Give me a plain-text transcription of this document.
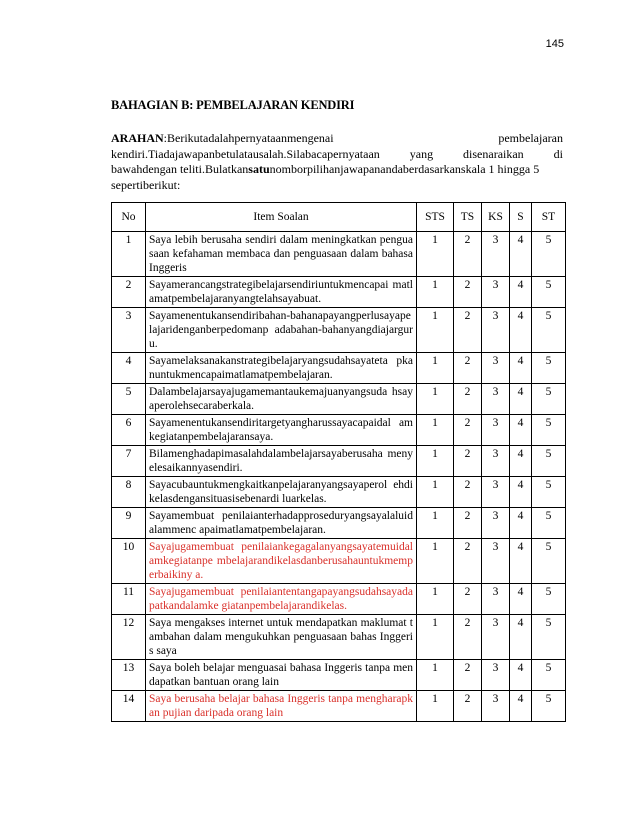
145
BAHAGIAN B: PEMBELAJARAN KENDIRI
ARAHAN:Berikutadalahpernyataanmengenai	pembelajaran
kendiri.Tiadajawapanbetulatausalah.Silabacapernyataan yang disenaraikan di
bawahdengan teliti.Bulatkansatunomborpilihanjawapanandaberdasarkanskala 1 hingga 5
sepertiberikut:
No	Item Soalan	STS	TS	KS	S	ST
1	Saya lebih berusaha sendiri dalam meningkatkan penguasaan kefahaman membaca dan penguasaan dalam bahasa Inggeris	1	2	3	4	5
2	Sayamerancangstrategibelajarsendiriuntukmencapai matlamatpembelajaranyangtelahsayabuat.	1	2	3	4	5
3	Sayamenentukansendiribahan-bahanapayangperlusayapelajaridenganberpedomanp adabahan-bahanyangdiajarguru.	1	2	3	4	5
4	Sayamelaksanakanstrategibelajaryangsudahsayateta pkanuntukmencapaimatlamatpembelajaran.	1	2	3	4	5
5	Dalambelajarsayajugamemantaukemajuanyangsuda hsayaperolehsecaraberkala.	1	2	3	4	5
6	Sayamenentukansendiritargetyangharussayacapaidal amkegiatanpembelajaransaya.	1	2	3	4	5
7	Bilamenghadapimasalahdalambelajarsayaberusaha menyelesaikannyasendiri.	1	2	3	4	5
8	Sayacubauntukmengkaitkanpelajaranyangsayaperol ehdikelasdengansituasisebenardi luarkelas.	1	2	3	4	5
9	Sayamembuat penilaianterhadapproseduryangsayalaluidalammenc apaimatlamatpembelajaran.	1	2	3	4	5
10	Sayajugamembuat penilaiankegagalanyangsayatemuidalamkegiatanpe mbelajarandikelasdanberusahauntukmemperbaikiny a.	1	2	3	4	5
11	Sayajugamembuat penilaiantentangapayangsudahsayadapatkandalamke giatanpembelajarandikelas.	1	2	3	4	5
12	Saya mengakses internet untuk mendapatkan maklumat tambahan dalam mengukuhkan penguasaan bahas Inggeris saya	1	2	3	4	5
13	Saya boleh belajar menguasai bahasa Inggeris tanpa mendapatkan bantuan orang lain	1	2	3	4	5
14	Saya berusaha belajar bahasa Inggeris tanpa mengharapkan pujian daripada orang lain	1	2	3	4	5
